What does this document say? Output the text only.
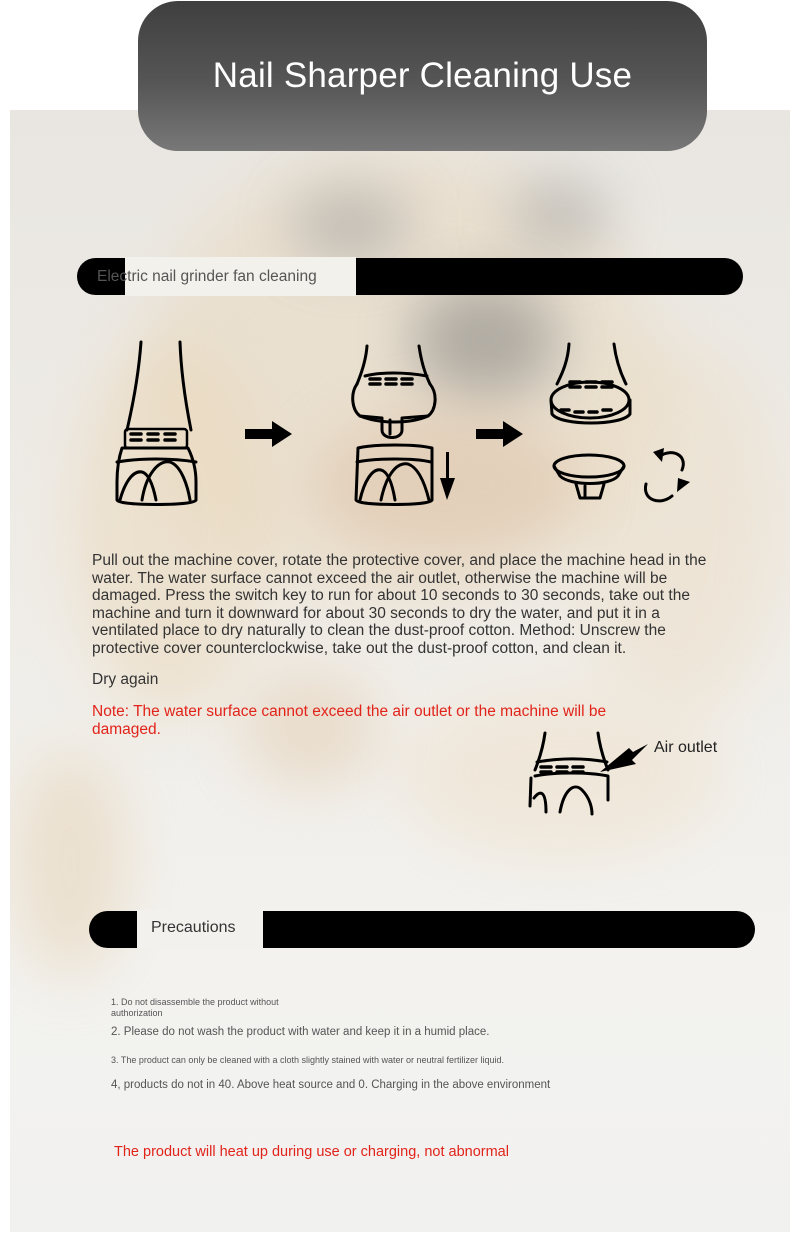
Nail Sharper Cleaning Use
Electric nail grinder fan cleaning
Pull out the machine cover, rotate the protective cover, and place the machine head in the water. The water surface cannot exceed the air outlet, otherwise the machine will be damaged. Press the switch key to run for about 10 seconds to 30 seconds, take out the machine and turn it downward for about 30 seconds to dry the water, and put it in a ventilated place to dry naturally to clean the dust-proof cotton. Method: Unscrew the protective cover counterclockwise, take out the dust-proof cotton, and clean it.
Dry again
Note: The water surface cannot exceed the air outlet or the machine will be damaged.
Air outlet
Precautions
1. Do not disassemble the product without authorization
2. Please do not wash the product with water and keep it in a humid place.
3. The product can only be cleaned with a cloth slightly stained with water or neutral fertilizer liquid.
4, products do not in 40. Above heat source and 0. Charging in the above environment
The product will heat up during use or charging, not abnormal
